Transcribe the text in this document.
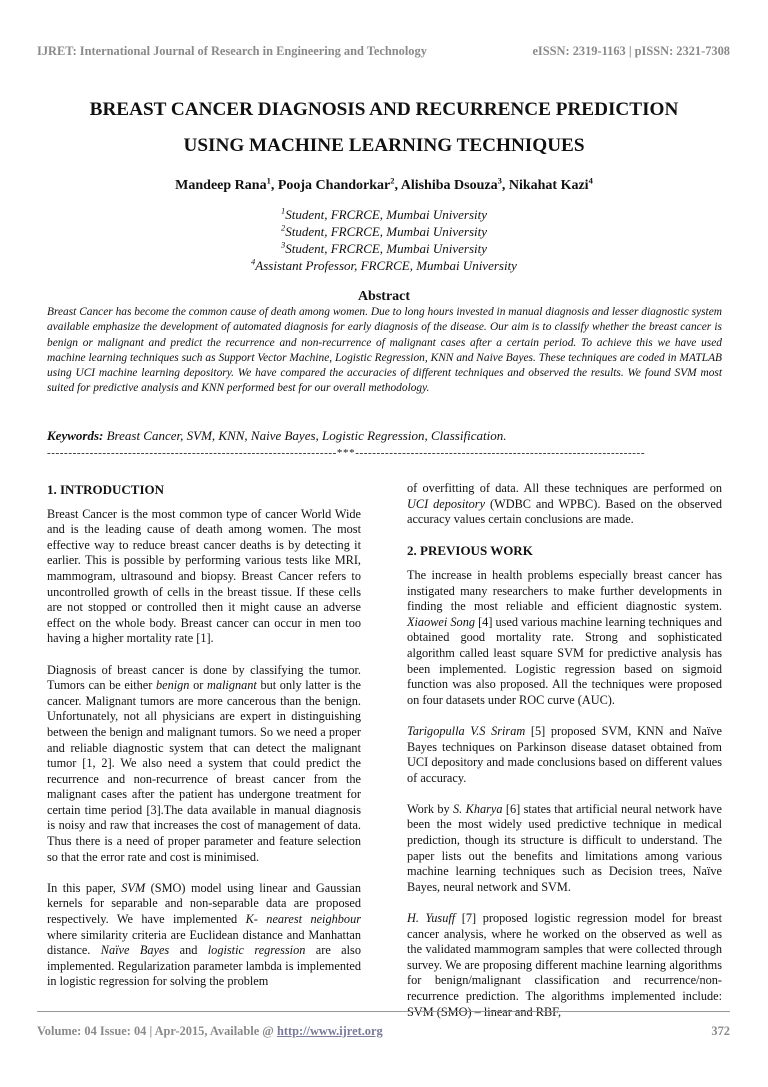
IJRET: International Journal of Research in Engineering and Technology	eISSN: 2319-1163 | pISSN: 2321-7308
BREAST CANCER DIAGNOSIS AND RECURRENCE PREDICTION
USING MACHINE LEARNING TECHNIQUES
Mandeep Rana$^1$, Pooja Chandorkar$^2$, Alishiba Dsouza$^3$, Nikahat Kazi$^4$
$^1$Student, FRCRCE, Mumbai University
$^2$Student, FRCRCE, Mumbai University
$^3$Student, FRCRCE, Mumbai University
$^4$Assistant Professor, FRCRCE, Mumbai University
Abstract

Breast Cancer has become the common cause of death among women. Due to long hours invested in manual diagnosis and lesser diagnostic system available emphasize the development of automated diagnosis for early diagnosis of the disease. Our aim is to classify whether the breast cancer is benign or malignant and predict the recurrence and non-recurrence of malignant cases after a certain period. To achieve this we have used machine learning techniques such as Support Vector Machine, Logistic Regression, KNN and Naive Bayes. These techniques are coded in MATLAB using UCI machine learning depository. We have compared the accuracies of different techniques and observed the results. We found SVM most suited for predictive analysis and KNN performed best for our overall methodology.

Keywords: Breast Cancer, SVM, KNN, Naive Bayes, Logistic Regression, Classification.
--------------------------------------------------------------------***--------------------------------------------------------------------
1. INTRODUCTION

Breast Cancer is the most common type of cancer World Wide and is the leading cause of death among women. The most effective way to reduce breast cancer deaths is by detecting it earlier. This is possible by performing various tests like MRI, mammogram, ultrasound and biopsy. Breast Cancer refers to uncontrolled growth of cells in the breast tissue. If these cells are not stopped or controlled then it might cause an adverse effect on the whole body. Breast cancer can occur in men too having a higher mortality rate [1].

Diagnosis of breast cancer is done by classifying the tumor. Tumors can be either benign or malignant but only latter is the cancer. Malignant tumors are more cancerous than the benign. Unfortunately, not all physicians are expert in distinguishing between the benign and malignant tumors. So we need a proper and reliable diagnostic system that can detect the malignant tumor [1, 2]. We also need a system that could predict the recurrence and non-recurrence of breast cancer from the malignant cases after the patient has undergone treatment for certain time period [3].The data available in manual diagnosis is noisy and raw that increases the cost of management of data. Thus there is a need of proper parameter and feature selection so that the error rate and cost is minimised.

In this paper, SVM (SMO) model using linear and Gaussian kernels for separable and non-separable data are proposed respectively. We have implemented K- nearest neighbour where similarity criteria are Euclidean distance and Manhattan distance. Naïve Bayes and logistic regression are also implemented. Regularization parameter lambda is implemented in logistic regression for solving the problem

of overfitting of data. All these techniques are performed on UCI depository (WDBC and WPBC). Based on the observed accuracy values certain conclusions are made.

2. PREVIOUS WORK

The increase in health problems especially breast cancer has instigated many researchers to make further developments in finding the most reliable and efficient diagnostic system. Xiaowei Song [4] used various machine learning techniques and obtained good mortality rate. Strong and sophisticated algorithm called least square SVM for predictive analysis has been implemented. Logistic regression based on sigmoid function was also proposed. All the techniques were proposed on four datasets under ROC curve (AUC).

Tarigopulla V.S Sriram [5] proposed SVM, KNN and Naïve Bayes techniques on Parkinson disease dataset obtained from UCI depository and made conclusions based on different values of accuracy.

Work by S. Kharya [6] states that artificial neural network have been the most widely used predictive technique in medical prediction, though its structure is difficult to understand. The paper lists out the benefits and limitations among various machine learning techniques such as Decision trees, Naïve Bayes, neural network and SVM.

H. Yusuff [7] proposed logistic regression model for breast cancer analysis, where he worked on the observed as well as the validated mammogram samples that were collected through survey. We are proposing different machine learning algorithms for benign/malignant classification and recurrence/non-recurrence prediction. The algorithms implemented include: SVM (SMO) – linear and RBF,

Volume: 04 Issue: 04 | Apr-2015, Available @ http://www.ijret.org	372
